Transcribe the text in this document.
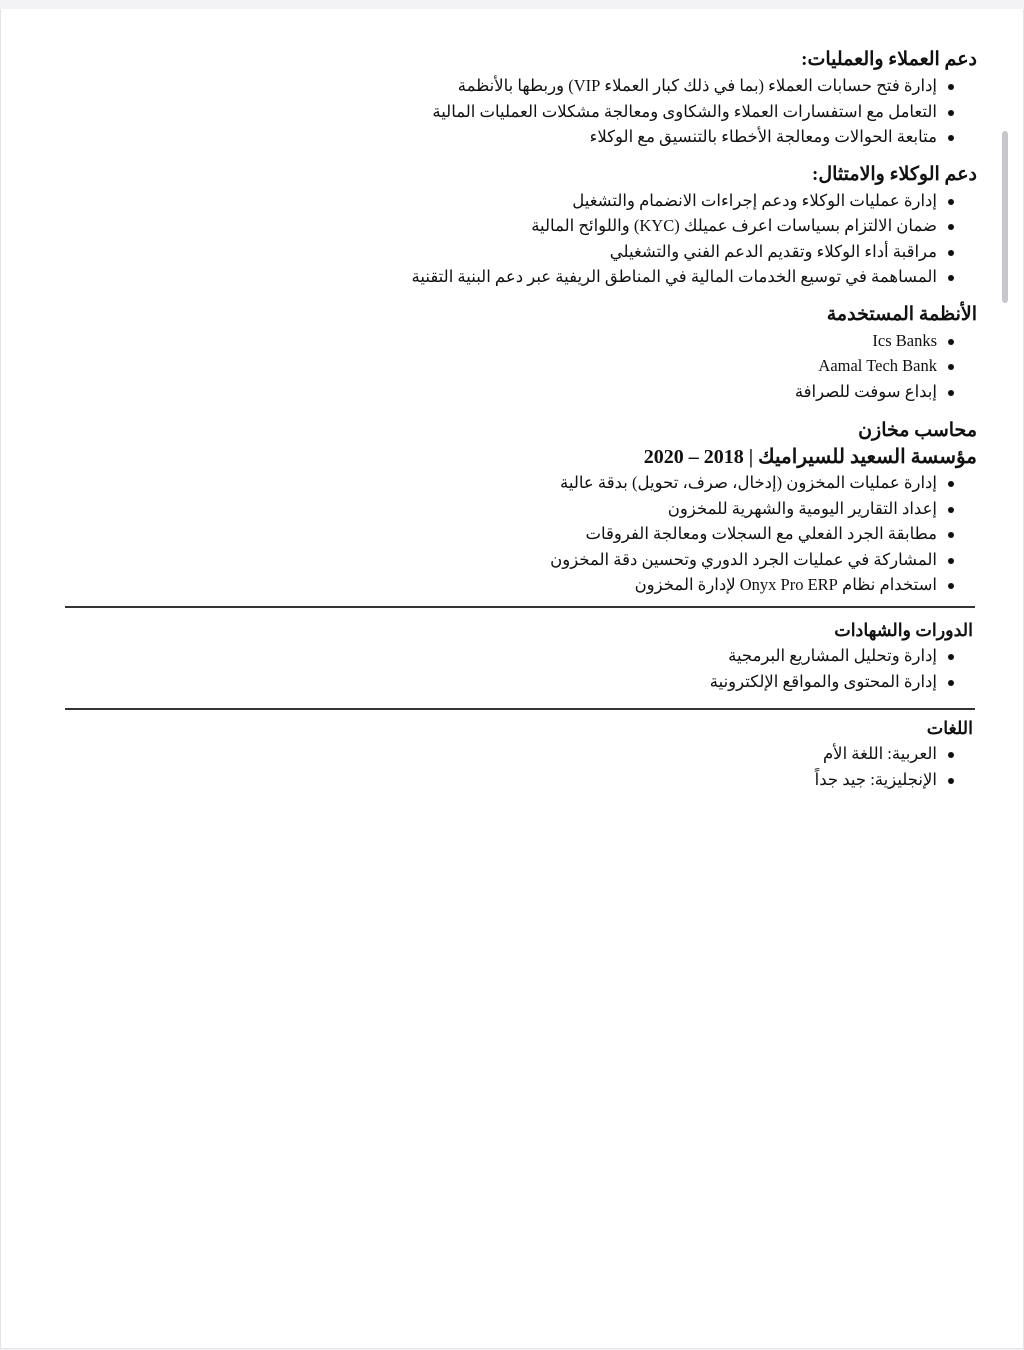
دعم العملاء والعمليات:
إدارة فتح حسابات العملاء (بما في ذلك كبار العملاء VIP) وربطها بالأنظمة
التعامل مع استفسارات العملاء والشكاوى ومعالجة مشكلات العمليات المالية
متابعة الحوالات ومعالجة الأخطاء بالتنسيق مع الوكلاء
دعم الوكلاء والامتثال:
إدارة عمليات الوكلاء ودعم إجراءات الانضمام والتشغيل
ضمان الالتزام بسياسات اعرف عميلك (KYC) واللوائح المالية
مراقبة أداء الوكلاء وتقديم الدعم الفني والتشغيلي
المساهمة في توسيع الخدمات المالية في المناطق الريفية عبر دعم البنية التقنية
الأنظمة المستخدمة
Ics Banks
Aamal Tech Bank
إبداع سوفت للصرافة
محاسب مخازن
مؤسسة السعيد للسيراميك | 2018 – 2020
إدارة عمليات المخزون (إدخال، صرف، تحويل) بدقة عالية
إعداد التقارير اليومية والشهرية للمخزون
مطابقة الجرد الفعلي مع السجلات ومعالجة الفروقات
المشاركة في عمليات الجرد الدوري وتحسين دقة المخزون
استخدام نظام Onyx Pro ERP لإدارة المخزون
الدورات والشهادات
إدارة وتحليل المشاريع البرمجية
إدارة المحتوى والمواقع الإلكترونية
اللغات
العربية: اللغة الأم
الإنجليزية: جيد جداً
